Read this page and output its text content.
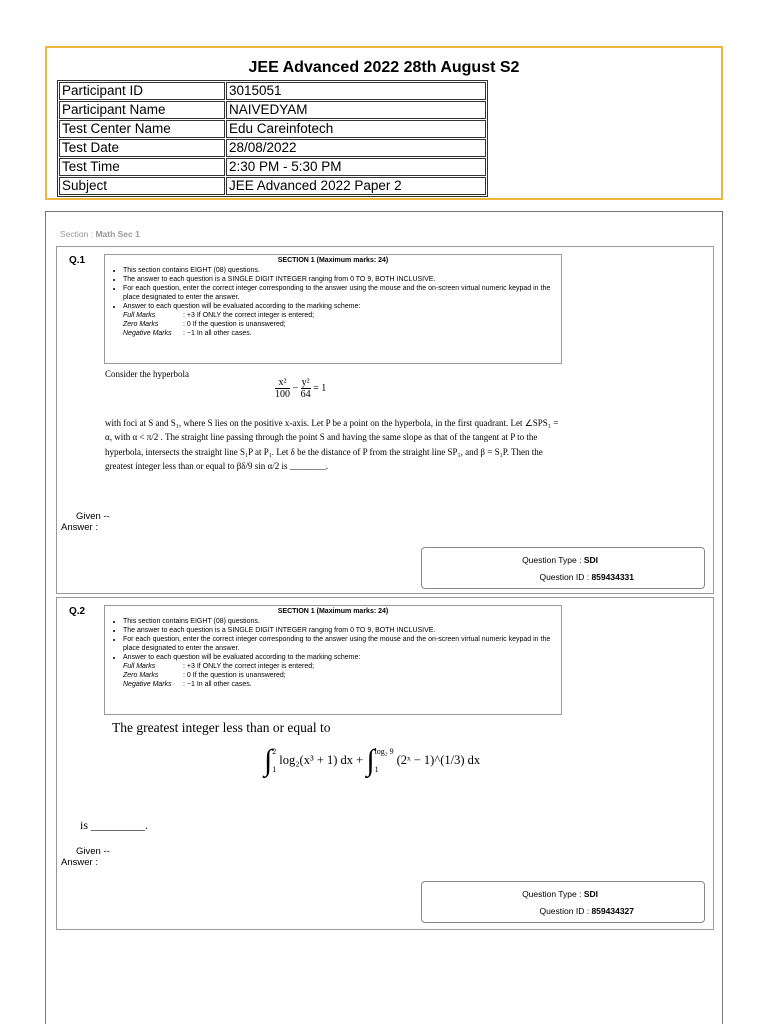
JEE Advanced 2022 28th August S2
Participant ID	3015051
Participant Name	NAIVEDYAM
Test Center Name	Edu Careinfotech
Test Date	28/08/2022
Test Time	2:30 PM - 5:30 PM
Subject	JEE Advanced 2022 Paper 2
Section : Math Sec 1
Q.1	SECTION 1 (Maximum marks: 24)
• This section contains EIGHT (08) questions.
• The answer to each question is a SINGLE DIGIT INTEGER ranging from 0 TO 9, BOTH INCLUSIVE.
• For each question, enter the correct integer corresponding to the answer using the mouse and the on-screen virtual numeric keypad in the place designated to enter the answer.
• Answer to each question will be evaluated according to the marking scheme:
Full Marks	: +3 If ONLY the correct integer is entered;
Zero Marks	: 0 If the question is unanswered;
Negative Marks : −1 In all other cases.
Consider the hyperbola
with foci at S and S₁, where S lies on the positive x-axis. Let P be a point on the hyperbola, in the first quadrant. Let ∠SPS₁ = α, with α < π/2 . The straight line passing through the point S and having the same slope as that of the tangent at P to the hyperbola, intersects the straight line S₁P at P₁. Let δ be the distance of P from the straight line SP₁, and β = S₁P. Then the greatest integer less than or equal to βδ/9 sin α/2 is ________.
$\frac{\text{x²}}{100} - \frac{\text{y²}}{64} = 1$
Given --
Answer :
Question Type : SDI
Question ID : 859434331
Q.2	SECTION 1 (Maximum marks: 24)
• This section contains EIGHT (08) questions.
• The answer to each question is a SINGLE DIGIT INTEGER ranging from 0 TO 9, BOTH INCLUSIVE.
• For each question, enter the correct integer corresponding to the answer using the mouse and the on-screen virtual numeric keypad in the place designated to enter the answer.
• Answer to each question will be evaluated according to the marking scheme:
Full Marks	: +3 If ONLY the correct integer is entered;
Zero Marks	: 0 If the question is unanswered;
Negative Marks : −1 In all other cases.
The greatest integer less than or equal to
∫ 2
1
log₂(x³ + 1) dx + ∫ log₂ 9
1
(2ˣ − 1)^(1/3) dx
is _________.
Given --
Answer :
Question Type : SDI
Question ID : 859434327
